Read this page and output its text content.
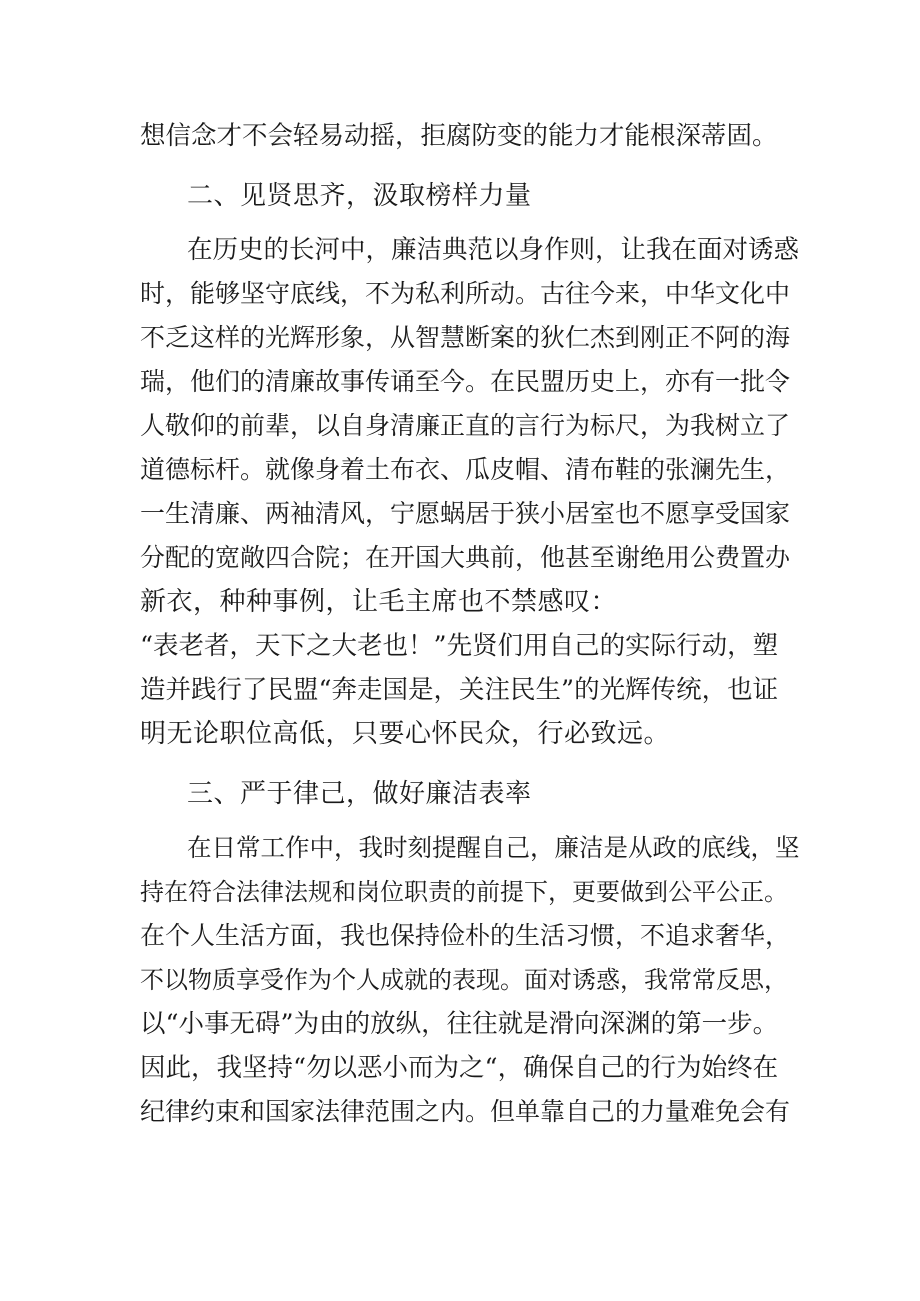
想信念才不会轻易动摇，拒腐防变的能力才能根深蒂固。
二、见贤思齐，汲取榜样力量
在历史的长河中，廉洁典范以身作则，让我在面对诱惑
时，能够坚守底线，不为私利所动。古往今来，中华文化中
不乏这样的光辉形象，从智慧断案的狄仁杰到刚正不阿的海
瑞，他们的清廉故事传诵至今。在民盟历史上，亦有一批令
人敬仰的前辈，以自身清廉正直的言行为标尺，为我树立了
道德标杆。就像身着土布衣、瓜皮帽、清布鞋的张澜先生，
一生清廉、两袖清风，宁愿蜗居于狭小居室也不愿享受国家
分配的宽敞四合院；在开国大典前，他甚至谢绝用公费置办
新衣，种种事例，让毛主席也不禁感叹：
“表老者，天下之大老也！”先贤们用自己的实际行动，塑
造并践行了民盟“奔走国是，关注民生”的光辉传统，也证
明无论职位高低，只要心怀民众，行必致远。
三、严于律己，做好廉洁表率
在日常工作中，我时刻提醒自己，廉洁是从政的底线，坚
持在符合法律法规和岗位职责的前提下，更要做到公平公正。
在个人生活方面，我也保持俭朴的生活习惯，不追求奢华，
不以物质享受作为个人成就的表现。面对诱惑，我常常反思，
以“小事无碍”为由的放纵，往往就是滑向深渊的第一步。
因此，我坚持“勿以恶小而为之“，确保自己的行为始终在
纪律约束和国家法律范围之内。但单靠自己的力量难免会有
